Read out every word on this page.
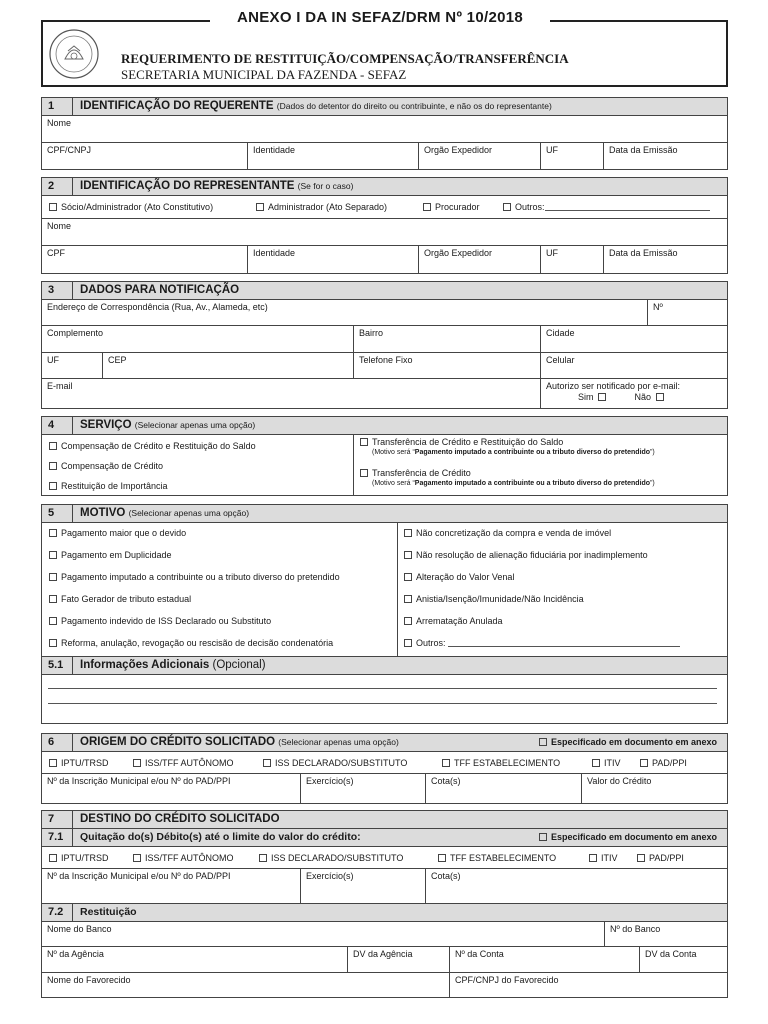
REQUERIMENTO DE RESTITUIÇÃO/COMPENSAÇÃO/TRANSFERÊNCIA
SECRETARIA MUNICIPAL DA FAZENDA - SEFAZ
ANEXO I DA IN SEFAZ/DRM Nº 10/2018
1	IDENTIFICAÇÃO DO REQUERENTE (Dados do detentor do direito ou contribuinte, e não os do representante)
Nome
CPF/CNPJ	Identidade	Orgão Expedidor	UF	Data da Emissão
2	IDENTIFICAÇÃO DO REPRESENTANTE (Se for o caso)
Sócio/Administrador (Ato Constitutivo)	Administrador (Ato Separado)	Procurador	Outros:
Nome
CPF	Identidade	Orgão Expedidor	UF	Data da Emissão
3	DADOS PARA NOTIFICAÇÃO
Endereço de Correspondência (Rua, Av., Alameda, etc)	Nº
Complemento	Bairro	Cidade
UF	CEP	Telefone Fixo	Celular
E-mail	Autorizo ser notificado por e-mail:
Sim	Não
4	SERVIÇO (Selecionar apenas uma opção)
Compensação de Crédito e Restituição do Saldo
Compensação de Crédito
Restituição de Importância
Transferência de Crédito e Restituição do Saldo
(Motivo será “Pagamento imputado a contribuinte ou a tributo diverso do pretendido”)
Transferência de Crédito
(Motivo será “Pagamento imputado a contribuinte ou a tributo diverso do pretendido”)
5	MOTIVO (Selecionar apenas uma opção)
Pagamento maior que o devido
Pagamento em Duplicidade
Pagamento imputado a contribuinte ou a tributo diverso do pretendido
Fato Gerador de tributo estadual
Pagamento indevido de ISS Declarado ou Substituto
Reforma, anulação, revogação ou rescisão de decisão condenatória
Não concretização da compra e venda de imóvel
Não resolução de alienação fiduciária por inadimplemento
Alteração do Valor Venal
Anistia/Isenção/Imunidade/Não Incidência
Arrematação Anulada
Outros:
5.1	Informações Adicionais (Opcional)
6	ORIGEM DO CRÉDITO SOLICITADO (Selecionar apenas uma opção)	Especificado em documento em anexo
IPTU/TRSD	ISS/TFF AUTÔNOMO	ISS DECLARADO/SUBSTITUTO	TFF ESTABELECIMENTO	ITIV	PAD/PPI
Nº da Inscrição Municipal e/ou Nº do PAD/PPI	Exercício(s)	Cota(s)	Valor do Crédito
7	DESTINO DO CRÉDITO SOLICITADO
7.1	Quitação do(s) Débito(s) até o limite do valor do crédito:	Especificado em documento em anexo
IPTU/TRSD	ISS/TFF AUTÔNOMO	ISS DECLARADO/SUBSTITUTO	TFF ESTABELECIMENTO	ITIV	PAD/PPI
Nº da Inscrição Municipal e/ou Nº do PAD/PPI	Exercício(s)	Cota(s)
7.2	Restituição
Nome do Banco	Nº do Banco
Nº da Agência	DV da Agência	Nº da Conta	DV da Conta
Nome do Favorecido	CPF/CNPJ do Favorecido
